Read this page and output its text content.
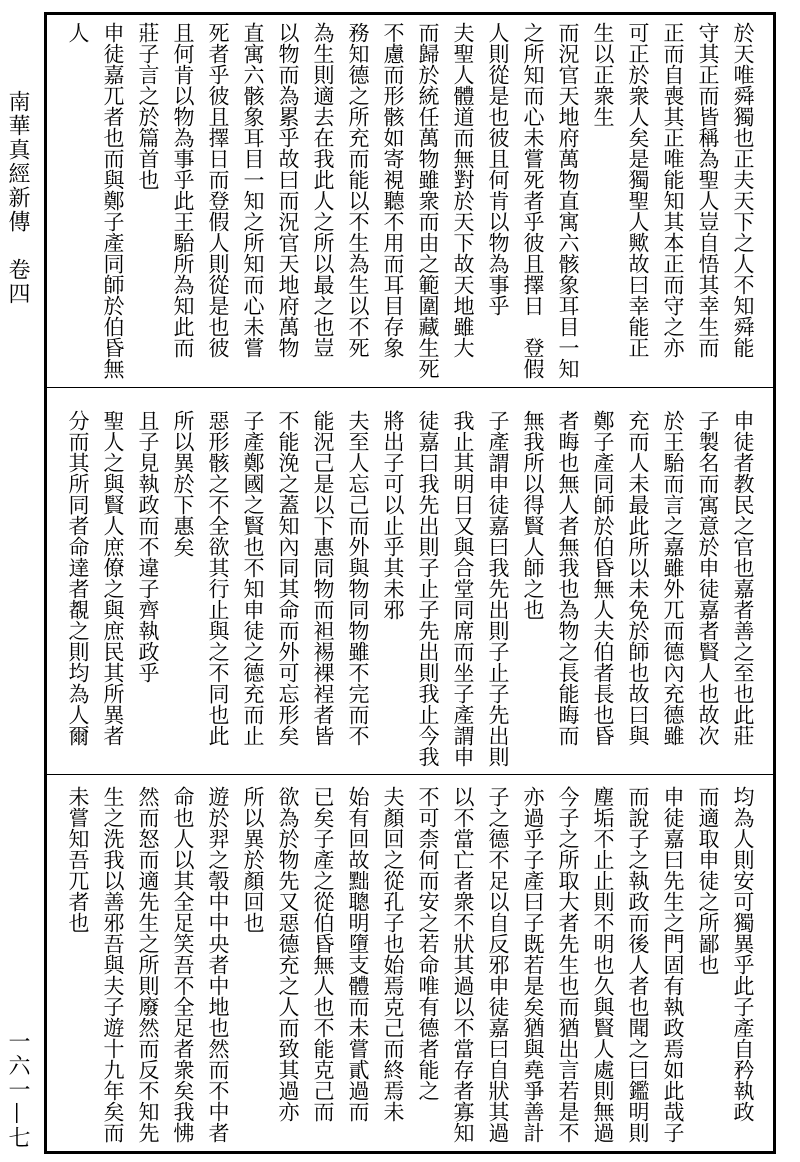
南華真經新傳　卷四
一六一—七
於天唯舜獨也正夫天下之人不知舜能
守其正而皆稱為聖人豈自悟其幸生而
正而自喪其正唯能知其本正而守之亦
可正於衆人矣是獨聖人歟故曰幸能正
生以正衆生
而況官天地府萬物直寓六骸象耳目一知
之所知而心未嘗死者乎彼且擇日　登假
人則從是也彼且何肯以物為事乎
夫聖人體道而無對於天下故天地雖大
而歸於統任萬物雖衆而由之範圍藏生死
不慮而形骸如寄視聽不用而耳目存象
務知德之所充而能以不生為生以不死
為生則適去在我此人之所以最之也豈
以物而為累乎故曰而況官天地府萬物
直寓六骸象耳目一知之所知而心未嘗
死者乎彼且擇日而登假人則從是也彼
且何肯以物為事乎此王駘所為知此而
莊子言之於篇首也
申徒嘉兀者也而與鄭子產同師於伯昏無
人
申徒者教民之官也嘉者善之至也此莊
子製名而寓意於申徒嘉者賢人也故次
於王駘而言之嘉雖外兀而德內充德雖
充而人未最此所以未免於師也故曰與
鄭子產同師於伯昏無人夫伯者長也昏
者晦也無人者無我也為物之長能晦而
無我所以得賢人師之也
子產謂申徒嘉曰我先出則子止子先出則
我止其明日又與合堂同席而坐子產謂申
徒嘉曰我先出則子止子先出則我止今我
將出子可以止乎其未邪
夫至人忘己而外與物同物雖不完而不
能況己是以下惠同物而袒裼裸裎者皆
不能浼之蓋知內同其命而外可忘形矣
子產鄭國之賢也不知申徒之德充而止
惡形骸之不全欲其行止與之不同也此
所以異於下惠矣
且子見執政而不違子齊執政乎
聖人之與賢人庶僚之與庶民其所異者
分而其所同者命達者覩之則均為人爾
均為人則安可獨異乎此子產自矜執政
而適取申徒之所鄙也
申徒嘉曰先生之門固有執政焉如此哉子
而說子之執政而後人者也聞之曰鑑明則
塵垢不止止則不明也久與賢人處則無過
今子之所取大者先生也而猶出言若是不
亦過乎子產曰子既若是矣猶與堯爭善計
子之德不足以自反邪申徒嘉曰自狀其過
以不當亡者衆不狀其過以不當存者寡知
不可柰何而安之若命唯有德者能之
夫顏回之從孔子也始焉克己而終焉未
始有回故黜聰明墮支體而未嘗貳過而
已矣子產之從伯昏無人也不能克己而
欲為於物先又惡德充之人而致其過亦
所以異於顏回也
遊於羿之彀中中央者中地也然而不中者
命也人以其全足笑吾不全足者衆矣我怫
然而怒而適先生之所則廢然而反不知先
生之洗我以善邪吾與夫子遊十九年矣而
未嘗知吾兀者也
